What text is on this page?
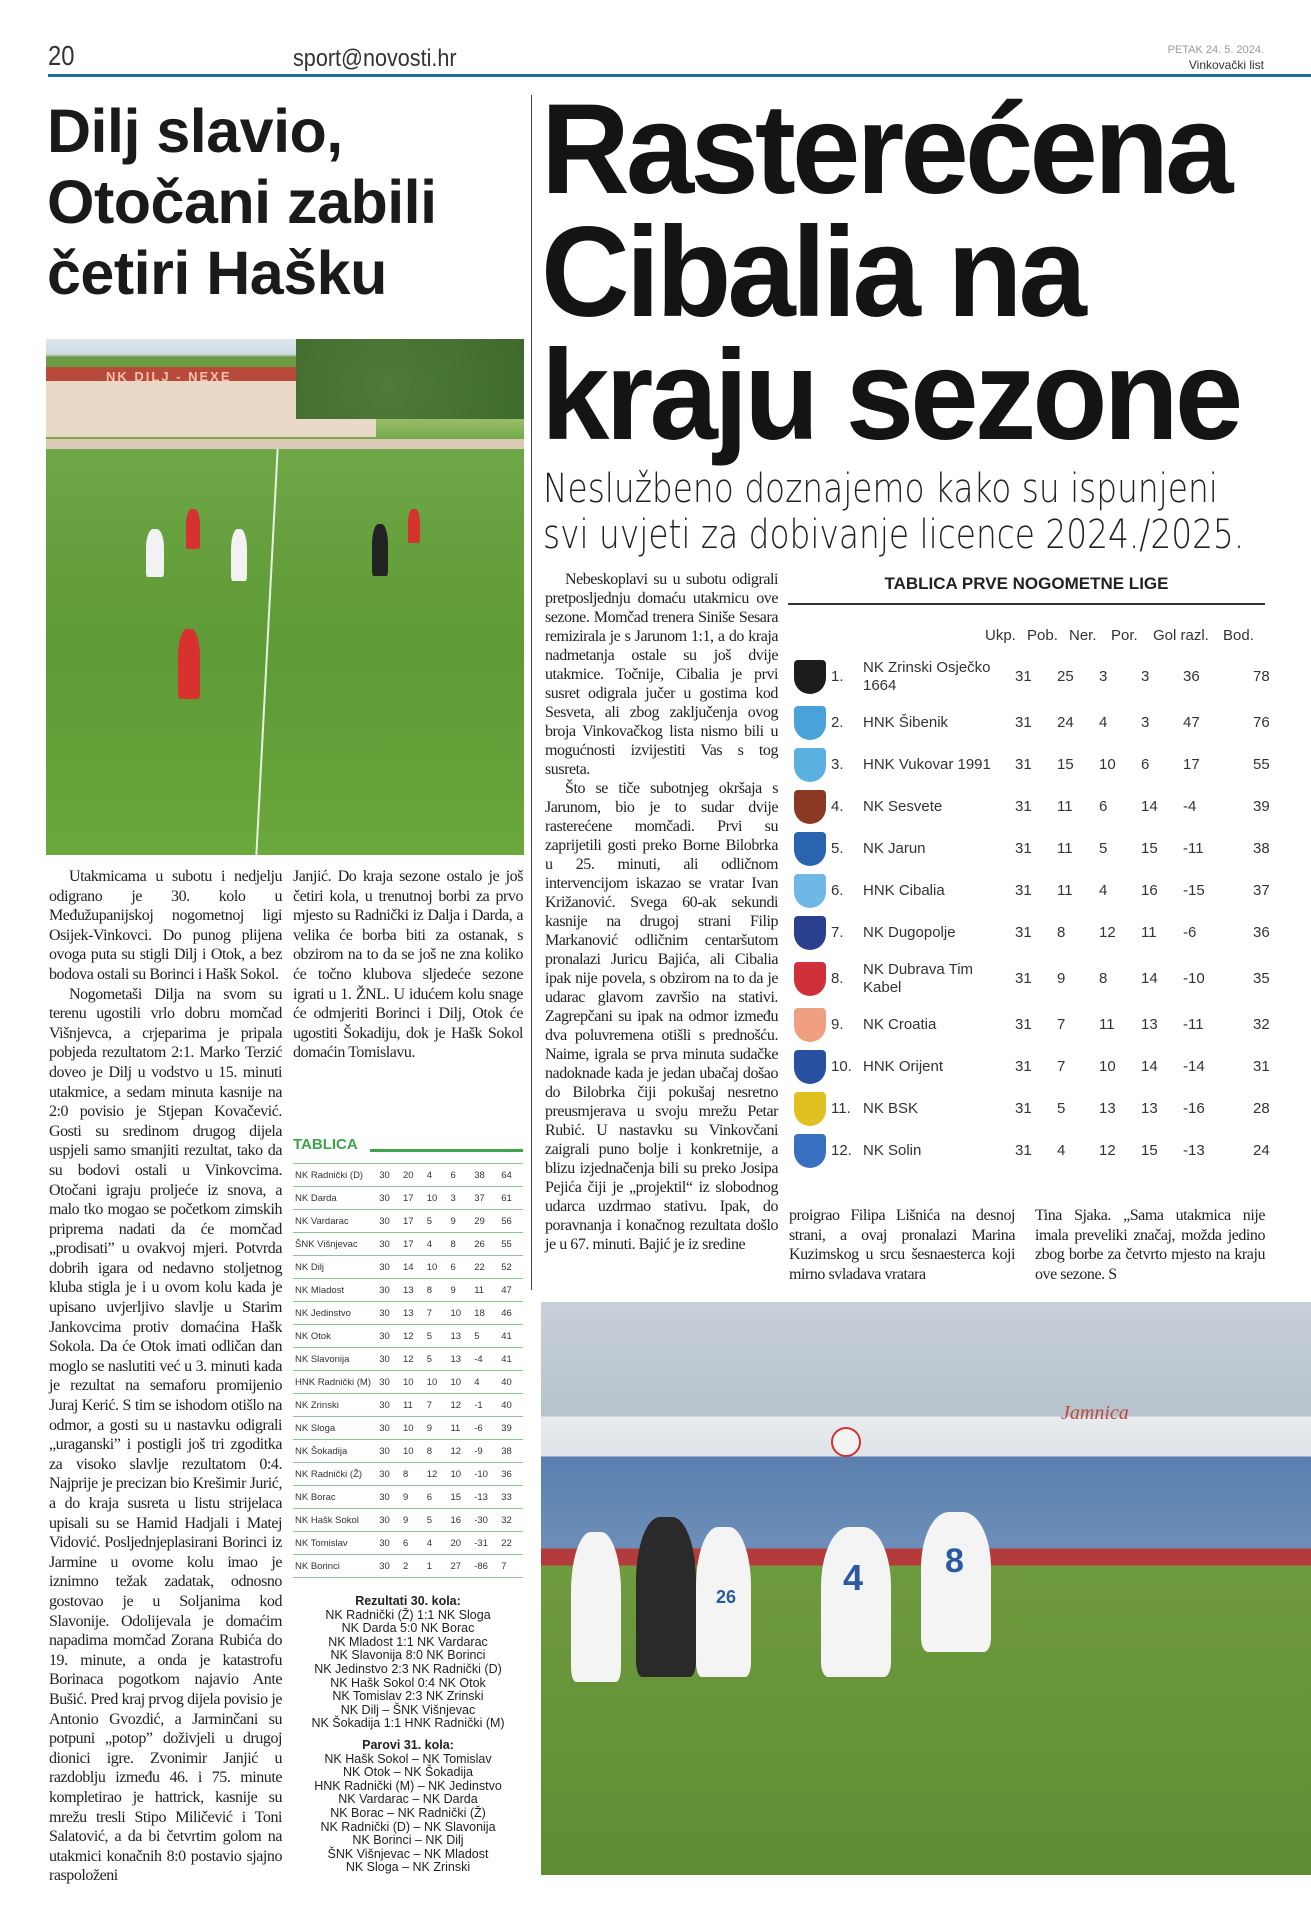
20	sport@novosti.hr	PETAK 24. 5. 2024.
Vinkovački list
Dilj slavio,
Otočani zabili
četiri Hašku
NK DILJ - NEXE

Utakmicama u subotu i nedjelju odigrano je 30. kolo u Međužupanijskoj nogometnoj ligi Osijek-Vinkovci. Do punog plijena ovoga puta su stigli Dilj i Otok, a bez bodova ostali su Borinci i Hašk Sokol.

Nogometaši Dilja na svom su terenu ugostili vrlo dobru momčad Višnjevca, a crjeparima je pripala pobjeda rezultatom 2:1. Marko Terzić doveo je Dilj u vodstvo u 15. minuti utakmice, a sedam minuta kasnije na 2:0 povisio je Stjepan Kovačević. Gosti su sredinom drugog dijela uspjeli samo smanjiti rezultat, tako da su bodovi ostali u Vinkovcima. Otočani igraju proljeće iz snova, a malo tko mogao se početkom zimskih priprema nadati da će momčad „prodisati” u ovakvoj mjeri. Potvrda dobrih igara od nedavno stoljetnog kluba stigla je i u ovom kolu kada je upisano uvjerljivo slavlje u Starim Jankovcima protiv domaćina Hašk Sokola. Da će Otok imati odličan dan moglo se naslutiti već u 3. minuti kada je rezultat na semaforu promijenio Juraj Kerić. S tim se ishodom otišlo na odmor, a gosti su u nastavku odigrali „uraganski” i postigli još tri zgoditka za visoko slavlje rezultatom 0:4. Najprije je precizan bio Krešimir Jurić, a do kraja susreta u listu strijelaca upisali su se Hamid Hadjali i Matej Vidović. Posljednjeplasirani Borinci iz Jarmine u ovome kolu imao je iznimno težak zadatak, odnosno gostovao je u Soljanima kod Slavonije. Odolijevala je domaćim napadima momčad Zorana Rubića do 19. minute, a onda je katastrofu Borinaca pogotkom najavio Ante Bušić. Pred kraj prvog dijela povisio je Antonio Gvozdić, a Jarminčani su potpuni „potop” doživjeli u drugoj dionici igre. Zvonimir Janjić u razdoblju između 46. i 75. minute kompletirao je hattrick, kasnije su mrežu tresli Stipo Miličević i Toni Salatović, a da bi četvrtim golom na utakmici konačnih 8:0 postavio sjajno raspoloženi

Janjić. Do kraja sezone ostalo je još četiri kola, u trenutnoj borbi za prvo mjesto su Radnički iz Dalja i Darda, a velika će borba biti za ostanak, s obzirom na to da se još ne zna koliko će točno klubova sljedeće sezone igrati u 1. ŽNL. U idućem kolu snage će odmjeriti Borinci i Dilj, Otok će ugostiti Šokadiju, dok je Hašk Sokol domaćin Tomislavu.

TABLICA
NK Radnički (D)	30	20	4	6	38	64
NK Darda	30	17	10	3	37	61
NK Vardarac	30	17	5	9	29	56
ŠNK Višnjevac	30	17	4	8	26	55
NK Dilj	30	14	10	6	22	52
NK Mladost	30	13	8	9	11	47
NK Jedinstvo	30	13	7	10	18	46
NK Otok	30	12	5	13	5	41
NK Slavonija	30	12	5	13	-4	41
HNK Radnički (M)	30	10	10	10	4	40
NK Zrinski	30	11	7	12	-1	40
NK Sloga	30	10	9	11	-6	39
NK Šokadija	30	10	8	12	-9	38
NK Radnički (Ž)	30	8	12	10	-10	36
NK Borac	30	9	6	15	-13	33
NK Hašk Sokol	30	9	5	16	-30	32
NK Tomislav	30	6	4	20	-31	22
NK Borinci	30	2	1	27	-86	7
Rezultati 30. kola:
NK Radnički (Ž) 1:1 NK Sloga
NK Darda 5:0 NK Borac
NK Mladost 1:1 NK Vardarac
NK Slavonija 8:0 NK Borinci
NK Jedinstvo 2:3 NK Radnički (D)
NK Hašk Sokol 0:4 NK Otok
NK Tomislav 2:3 NK Zrinski
NK Dilj – ŠNK Višnjevac
NK Šokadija 1:1 HNK Radnički (M)
Parovi 31. kola:
NK Hašk Sokol – NK Tomislav
NK Otok – NK Šokadija
HNK Radnički (M) – NK Jedinstvo
NK Vardarac – NK Darda
NK Borac – NK Radnički (Ž)
NK Radnički (D) – NK Slavonija
NK Borinci – NK Dilj
ŠNK Višnjevac – NK Mladost
NK Sloga – NK Zrinski
Rasterećena
Cibalia na
kraju sezone
Neslužbeno doznajemo kako su ispunjeni
svi uvjeti za dobivanje licence 2024./2025.

Nebeskoplavi su u subotu odigrali pretposljednju domaću utakmicu ove sezone. Momčad trenera Siniše Sesara remizirala je s Jarunom 1:1, a do kraja nadmetanja ostale su još dvije utakmice. Točnije, Cibalia je prvi susret odigrala jučer u gostima kod Sesveta, ali zbog zaključenja ovog broja Vinkovačkog lista nismo bili u mogućnosti izvijestiti Vas s tog susreta.

Što se tiče subotnjeg okršaja s Jarunom, bio je to sudar dvije rasterećene momčadi. Prvi su zaprijetili gosti preko Borne Bilobrka u 25. minuti, ali odličnom intervencijom iskazao se vratar Ivan Križanović. Svega 60-ak sekundi kasnije na drugoj strani Filip Markanović odličnim centaršutom pronalazi Juricu Bajića, ali Cibalia ipak nije povela, s obzirom na to da je udarac glavom završio na stativi. Zagrepčani su ipak na odmor između dva poluvremena otišli s prednošću. Naime, igrala se prva minuta sudačke nadoknade kada je jedan ubačaj došao do Bilobrka čiji pokušaj nesretno preusmjerava u svoju mrežu Petar Rubić. U nastavku su Vinkovčani zaigrali puno bolje i konkretnije, a blizu izjednačenja bili su preko Josipa Pejića čiji je „projektil“ iz slobodnog udarca uzdrmao stativu. Ipak, do poravnanja i konačnog rezultata došlo je u 67. minuti. Bajić je iz sredine

TABLICA PRVE NOGOMETNE LIGE
Ukp. Pob. Ner. Por.	Gol razl. Bod.
1.
NK Zrinski Osječko 1664
31	25	3	3	36	78
2.	HNK Šibenik	31	24	4	3	47	76
3.	HNK Vukovar 1991	31	15	10	6	17	55
4.	NK Sesvete	31	11	6	14	-4	39
5.	NK Jarun	31	11	5	15	-11	38
6.	HNK Cibalia	31	11	4	16	-15	37
7.	NK Dugopolje	31	8	12	11	-6	36
8.
NK Dubrava Tim Kabel
31	9	8	14	-10	35
9.	NK Croatia	31	7	11	13	-11	32
10. HNK Orijent	31	7	10	14	-14	31
11. NK BSK	31	5	13	13	-16	28
12. NK Solin	31	4	12	15	-13	24

proigrao Filipa Lišnića na desnoj strani, a ovaj pronalazi Marina Kuzimskog u srcu šesnaesterca koji mirno svladava vratara

Tina Sjaka. „Sama utakmica nije imala preveliki značaj, možda jedino zbog borbe za četvrto mjesto na kraju ove sezone. S

Jamnica
26	4 8
